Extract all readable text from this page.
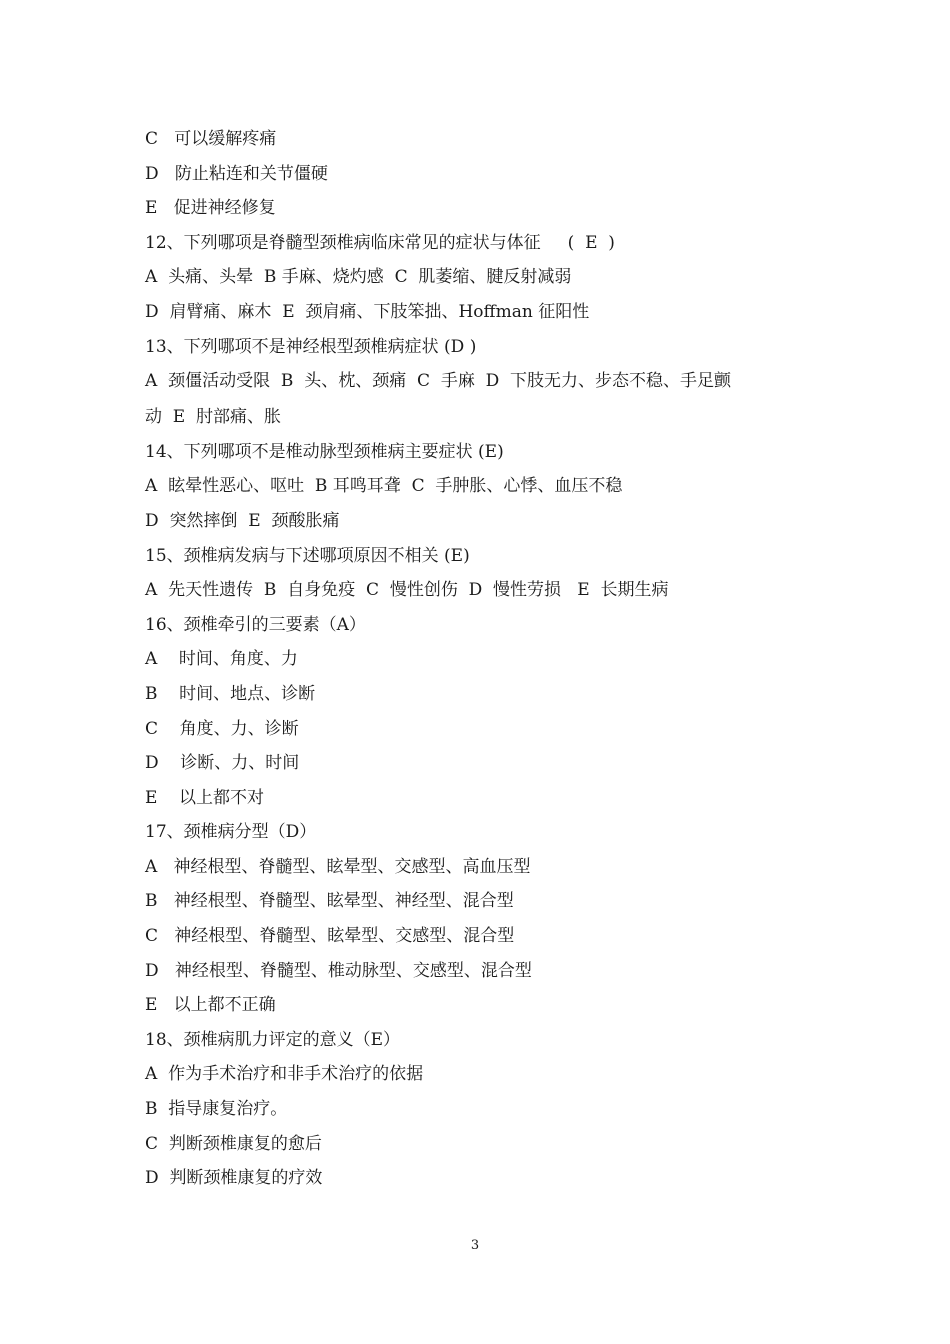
C   可以缓解疼痛
D   防止粘连和关节僵硬
E   促进神经修复
12、下列哪项是脊髓型颈椎病临床常见的症状与体征     (  E  )
A  头痛、头晕  B 手麻、烧灼感  C  肌萎缩、腱反射减弱
D  肩臂痛、麻木  E  颈肩痛、下肢笨拙、Hoffman 征阳性
13、下列哪项不是神经根型颈椎病症状 (D )
A  颈僵活动受限  B  头、枕、颈痛  C  手麻  D  下肢无力、步态不稳、手足颤
动  E  肘部痛、胀
14、下列哪项不是椎动脉型颈椎病主要症状 (E)
A  眩晕性恶心、呕吐  B 耳鸣耳聋  C  手肿胀、心悸、血压不稳
D  突然摔倒  E  颈酸胀痛
15、颈椎病发病与下述哪项原因不相关 (E)
A  先天性遗传  B  自身免疫  C  慢性创伤  D  慢性劳损   E  长期生病
16、颈椎牵引的三要素（A）
A    时间、角度、力
B    时间、地点、诊断
C    角度、力、诊断
D    诊断、力、时间
E    以上都不对
17、颈椎病分型（D）
A   神经根型、脊髓型、眩晕型、交感型、高血压型
B   神经根型、脊髓型、眩晕型、神经型、混合型
C   神经根型、脊髓型、眩晕型、交感型、混合型
D   神经根型、脊髓型、椎动脉型、交感型、混合型
E   以上都不正确
18、颈椎病肌力评定的意义（E）
A  作为手术治疗和非手术治疗的依据
B  指导康复治疗。
C  判断颈椎康复的愈后
D  判断颈椎康复的疗效
3
